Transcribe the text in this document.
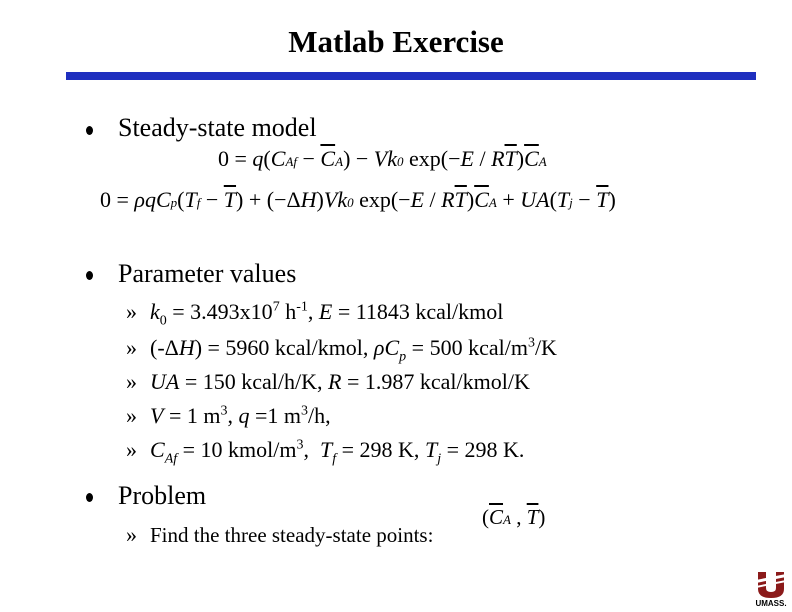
Matlab Exercise
Steady-state model
$0 = q(CAf - \overline{C}A) - Vk0$ $\exp(-E / R\overline{T})\overline{C}A$
$0 = \rho qCp(Tf - \overline{T}) + (-\Delta H)Vk0$ $\exp(-E / R\overline{T})\overline{C}A + UA(Tj - \overline{T})$
Parameter values
» $k_0 = 3.493x10^7$ $h^{-1}$, E = 11843 kcal/kmol
» (-ΔH) = 5960 kcal/kmol, $\rho C_p = 500$ kcal/$m^3/K$
» UA = 150 kcal/h/K, R = 1.987 kcal/kmol/K
» V = 1 $m^3$, q =1 $m^3/h$,
» $C_{Af} = 10$ kmol/$m^3$,  $T_f = 298$ K, $T_j = 298$ K.
Problem
» Find the three steady-state points:
($\overline{C}A$ , $\overline{T}$)
UMASS.
